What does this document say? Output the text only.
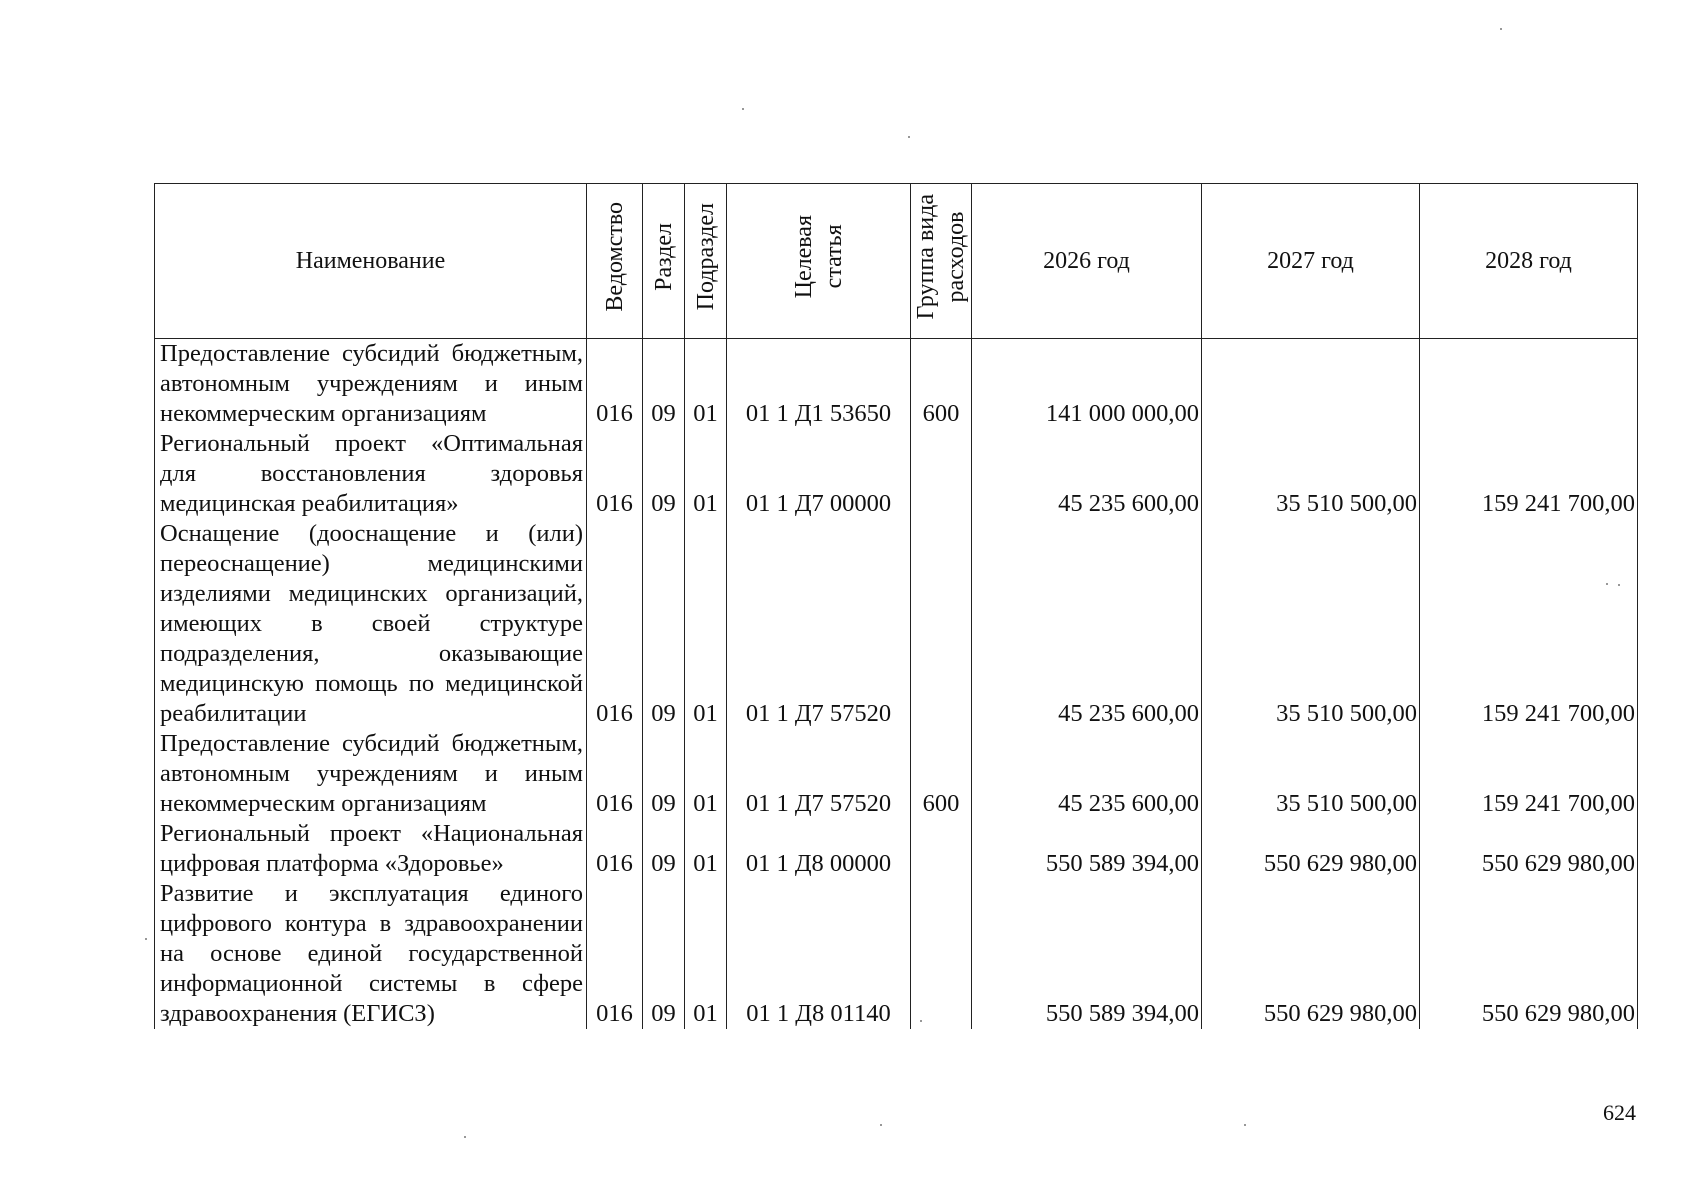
Наименование	Ведомство	Раздел	Подраздел	Целевая статья	Группа вида расходов	2026 год	2027 год	2028 год
Предоставление субсидий бюджетным, автономным учреждениям и иным некоммерческим организациям	016	09	01	01 1 Д1 53650	600	141 000 000,00		
Региональный проект «Оптимальная для восстановления здоровья медицинская реабилитация»	016	09	01	01 1 Д7 00000		45 235 600,00	35 510 500,00	159 241 700,00
Оснащение (дооснащение и (или) переоснащение) медицинскими изделиями медицинских организаций, имеющих в своей структуре подразделения, оказывающие медицинскую помощь по медицинской реабилитации	016	09	01	01 1 Д7 57520		45 235 600,00	35 510 500,00	159 241 700,00
Предоставление субсидий бюджетным, автономным учреждениям и иным некоммерческим организациям	016	09	01	01 1 Д7 57520	600	45 235 600,00	35 510 500,00	159 241 700,00
Региональный проект «Национальная цифровая платформа «Здоровье»	016	09	01	01 1 Д8 00000		550 589 394,00	550 629 980,00	550 629 980,00
Развитие и эксплуатация единого цифрового контура в здравоохранении на основе единой государственной информационной системы в сфере здравоохранения (ЕГИСЗ)	016	09	01	01 1 Д8 01140		550 589 394,00	550 629 980,00	550 629 980,00
624
